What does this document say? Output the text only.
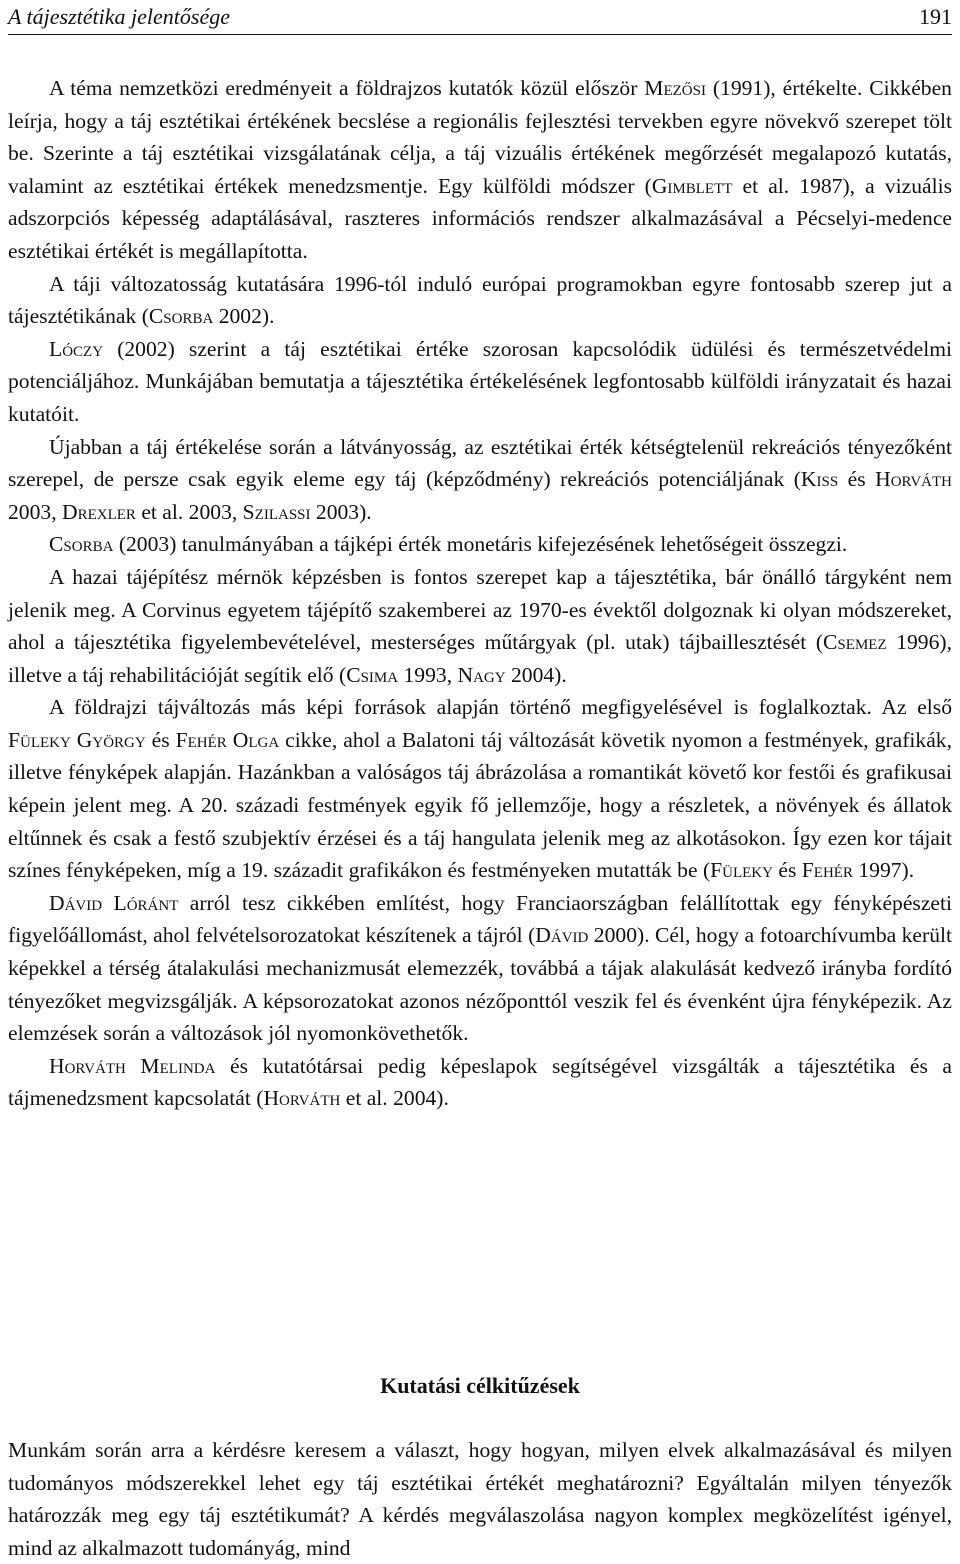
A tájesztétika jelentősége	191

A téma nemzetközi eredményeit a földrajzos kutatók közül először Mezősi (1991), értékelte. Cikkében leírja, hogy a táj esztétikai értékének becslése a regionális fejlesztési tervekben egyre növekvő szerepet tölt be. Szerinte a táj esztétikai vizsgálatának célja, a táj vizuális értékének megőrzését megalapozó kutatás, valamint az esztétikai értékek menedzsmentje. Egy külföldi módszer (Gimblett et al. 1987), a vizuális adszorpciós képesség adaptálásával, raszteres információs rendszer alkalmazásával a Pécselyi-medence esztétikai értékét is megállapította.

A táji változatosság kutatására 1996-tól induló európai programokban egyre fontosabb szerep jut a tájesztétikának (Csorba 2002).

Lóczy (2002) szerint a táj esztétikai értéke szorosan kapcsolódik üdülési és természetvédelmi potenciáljához. Munkájában bemutatja a tájesztétika értékelésének legfontosabb külföldi irányzatait és hazai kutatóit.

Újabban a táj értékelése során a látványosság, az esztétikai érték kétségtelenül rekreációs tényezőként szerepel, de persze csak egyik eleme egy táj (képződmény) rekreációs potenciáljának (Kiss és Horváth 2003, Drexler et al. 2003, Szilassi 2003).

Csorba (2003) tanulmányában a tájképi érték monetáris kifejezésének lehetőségeit összegzi.

A hazai tájépítész mérnök képzésben is fontos szerepet kap a tájesztétika, bár önálló tárgyként nem jelenik meg. A Corvinus egyetem tájépítő szakemberei az 1970-es évektől dolgoznak ki olyan módszereket, ahol a tájesztétika figyelembevételével, mesterséges műtárgyak (pl. utak) tájbaillesztését (Csemez 1996), illetve a táj rehabilitációját segítik elő (Csima 1993, Nagy 2004).

A földrajzi tájváltozás más képi források alapján történő megfigyelésével is foglalkoztak. Az első Füleky György és Fehér Olga cikke, ahol a Balatoni táj változását követik nyomon a festmények, grafikák, illetve fényképek alapján. Hazánkban a valóságos táj ábrázolása a romantikát követő kor festői és grafikusai képein jelent meg. A 20. századi festmények egyik fő jellemzője, hogy a részletek, a növények és állatok eltűnnek és csak a festő szubjektív érzései és a táj hangulata jelenik meg az alkotásokon. Így ezen kor tájait színes fényképeken, míg a 19. századit grafikákon és festményeken mutatták be (Füleky és Fehér 1997).

Dávid Lóránt arról tesz cikkében említést, hogy Franciaországban felállítottak egy fényképészeti figyelőállomást, ahol felvételsorozatokat készítenek a tájról (Dávid 2000). Cél, hogy a fotoarchívumba került képekkel a térség átalakulási mechanizmusát elemezzék, továbbá a tájak alakulását kedvező irányba fordító tényezőket megvizsgálják. A képsorozatokat azonos nézőponttól veszik fel és évenként újra fényképezik. Az elemzések során a változások jól nyomonkövethetők.

Horváth Melinda és kutatótársai pedig képeslapok segítségével vizsgálták a tájesztétika és a tájmenedzsment kapcsolatát (Horváth et al. 2004).

Kutatási célkitűzések

Munkám során arra a kérdésre keresem a választ, hogy hogyan, milyen elvek alkalmazásával és milyen tudományos módszerekkel lehet egy táj esztétikai értékét meghatározni? Egyáltalán milyen tényezők határozzák meg egy táj esztétikumát? A kérdés megválaszolása nagyon komplex megközelítést igényel, mind az alkalmazott tudományág, mind
